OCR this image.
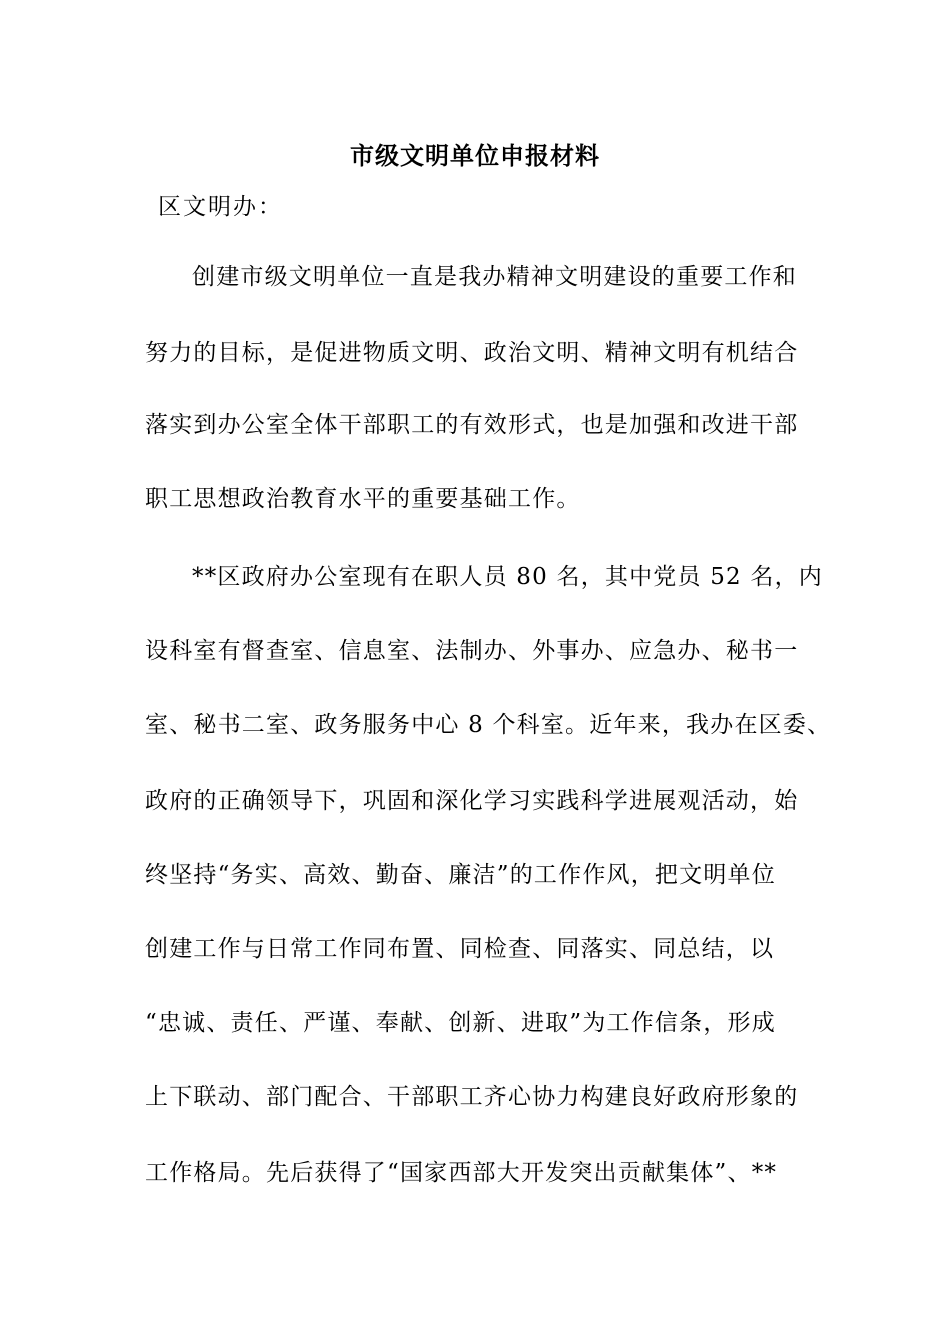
市级文明单位申报材料
区文明办：
创建市级文明单位一直是我办精神文明建设的重要工作和
努力的目标，是促进物质文明、政治文明、精神文明有机结合
落实到办公室全体干部职工的有效形式，也是加强和改进干部
职工思想政治教育水平的重要基础工作。
**区政府办公室现有在职人员 80 名，其中党员 52 名，内
设科室有督查室、信息室、法制办、外事办、应急办、秘书一
室、秘书二室、政务服务中心 8 个科室。近年来，我办在区委、
政府的正确领导下，巩固和深化学习实践科学进展观活动，始
终坚持“务实、高效、勤奋、廉洁”的工作作风，把文明单位
创建工作与日常工作同布置、同检查、同落实、同总结，以
“忠诚、责任、严谨、奉献、创新、进取”为工作信条，形成
上下联动、部门配合、干部职工齐心协力构建良好政府形象的
工作格局。先后获得了“国家西部大开发突出贡献集体”、**
